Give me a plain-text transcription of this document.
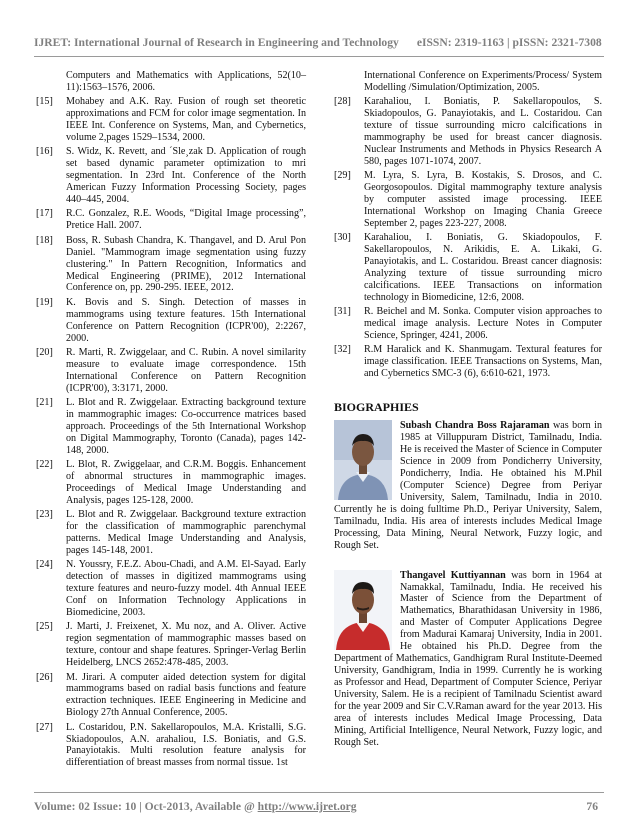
IJRET: International Journal of Research in Engineering and Technology eISSN: 2319-1163 | pISSN: 2321-7308
Computers and Mathematics with Applications, 52(10–11):1563–1576, 2006.
[15] Mohabey and A.K. Ray. Fusion of rough set theoretic approximations and FCM for color image segmentation. In IEEE Int. Conference on Systems, Man, and Cybernetics, volume 2,pages 1529–1534, 2000.
[16] S. Widz, K. Revett, and ´Sle¸zak D. Application of rough set based dynamic parameter optimization to mri segmentation. In 23rd Int. Conference of the North American Fuzzy Information Processing Society, pages 440–445, 2004.
[17] R.C. Gonzalez, R.E. Woods, “Digital Image processing”, Pretice Hall. 2007.
[18] Boss, R. Subash Chandra, K. Thangavel, and D. Arul Pon Daniel. "Mammogram image segmentation using fuzzy clustering." In Pattern Recognition, Informatics and Medical Engineering (PRIME), 2012 International Conference on, pp. 290-295. IEEE, 2012.
[19] K. Bovis and S. Singh. Detection of masses in mammograms using texture features. 15th International Conference on Pattern Recognition (ICPR'00), 2:2267, 2000.
[20] R. Marti, R. Zwiggelaar, and C. Rubin. A novel similarity measure to evaluate image correspondence. 15th International Conference on Pattern Recognition (ICPR'00), 3:3171, 2000.
[21] L. Blot and R. Zwiggelaar. Extracting background texture in mammographic images: Co-occurrence matrices based approach. Proceedings of the 5th International Workshop on Digital Mammography, Toronto (Canada), pages 142-148, 2000.
[22] L. Blot, R. Zwiggelaar, and C.R.M. Boggis. Enhancement of abnormal structures in mammographic images. Proceedings of Medical Image Understanding and Analysis, pages 125-128, 2000.
[23] L. Blot and R. Zwiggelaar. Background texture extraction for the classification of mammographic parenchymal patterns. Medical Image Understanding and Analysis, pages 145-148, 2001.
[24] N. Youssry, F.E.Z. Abou-Chadi, and A.M. El-Sayad. Early detection of masses in digitized mammograms using texture features and neuro-fuzzy model. 4th Annual IEEE Conf on Information Technology Applications in Biomedicine, 2003.
[25] J. Marti, J. Freixenet, X. Mu noz, and A. Oliver. Active region segmentation of mammographic masses based on texture, contour and shape features. Springer-Verlag Berlin Heidelberg, LNCS 2652:478-485, 2003.
[26] M. Jirari. A computer aided detection system for digital mammograms based on radial basis functions and feature extraction techniques. IEEE Engineering in Medicine and Biology 27th Annual Conference, 2005.
[27] L. Costaridou, P.N. Sakellaropoulos, M.A. Kristalli, S.G. Skiadopoulos, A.N. arahaliou, I.S. Boniatis, and G.S. Panayiotakis. Multi resolution feature analysis for differentiation of breast masses from normal tissue. 1st
International Conference on Experiments/Process/ System Modelling /Simulation/Optimization, 2005.
[28] Karahaliou, I. Boniatis, P. Sakellaropoulos, S. Skiadopoulos, G. Panayiotakis, and L. Costaridou. Can texture of tissue surrounding micro calcifications in mammography be used for breast cancer diagnosis. Nuclear Instruments and Methods in Physics Research A 580, pages 1071-1074, 2007.
[29] M. Lyra, S. Lyra, B. Kostakis, S. Drosos, and C. Georgosopoulos. Digital mammography texture analysis by computer assisted image processing. IEEE International Workshop on Imaging Chania Greece September 2, pages 223-227, 2008.
[30] Karahaliou, I. Boniatis, G. Skiadopoulos, F. Sakellaropoulos, N. Arikidis, E. A. Likaki, G. Panayiotakis, and L. Costaridou. Breast cancer diagnosis: Analyzing texture of tissue surrounding micro calcifications. IEEE Transactions on information technology in Biomedicine, 12:6, 2008.
[31] R. Beichel and M. Sonka. Computer vision approaches to medical image analysis. Lecture Notes in Computer Science, Springer, 4241, 2006.
[32] R.M Haralick and K. Shanmugam. Textural features for image classification. IEEE Transactions on Systems, Man, and Cybernetics SMC-3 (6), 6:610-621, 1973.
BIOGRAPHIES
Subash Chandra Boss Rajaraman was born in 1985 at Villuppuram District, Tamilnadu, India. He is received the Master of Science in Computer Science in 2009 from Pondicherry University, Pondicherry, India. He obtained his M.Phil (Computer Science) Degree from Periyar University, Salem, Tamilnadu, India in 2010. Currently he is doing fulltime Ph.D., Periyar University, Salem, Tamilnadu, India. His area of interests includes Medical Image Processing, Data Mining, Neural Network, Fuzzy logic, and Rough Set.
Thangavel Kuttiyannan was born in 1964 at Namakkal, Tamilnadu, India. He received his Master of Science from the Department of Mathematics, Bharathidasan University in 1986, and Master of Computer Applications Degree from Madurai Kamaraj University, India in 2001. He obtained his Ph.D. Degree from the Department of Mathematics, Gandhigram Rural Institute-Deemed University, Gandhigram, India in 1999. Currently he is working as Professor and Head, Department of Computer Science, Periyar University, Salem. He is a recipient of Tamilnadu Scientist award for the year 2009 and Sir C.V.Raman award for the year 2013. His area of interests includes Medical Image Processing, Data Mining, Artificial Intelligence, Neural Network, Fuzzy logic, and Rough Set.
Volume: 02 Issue: 10 | Oct-2013, Available @ http://www.ijret.org	76
